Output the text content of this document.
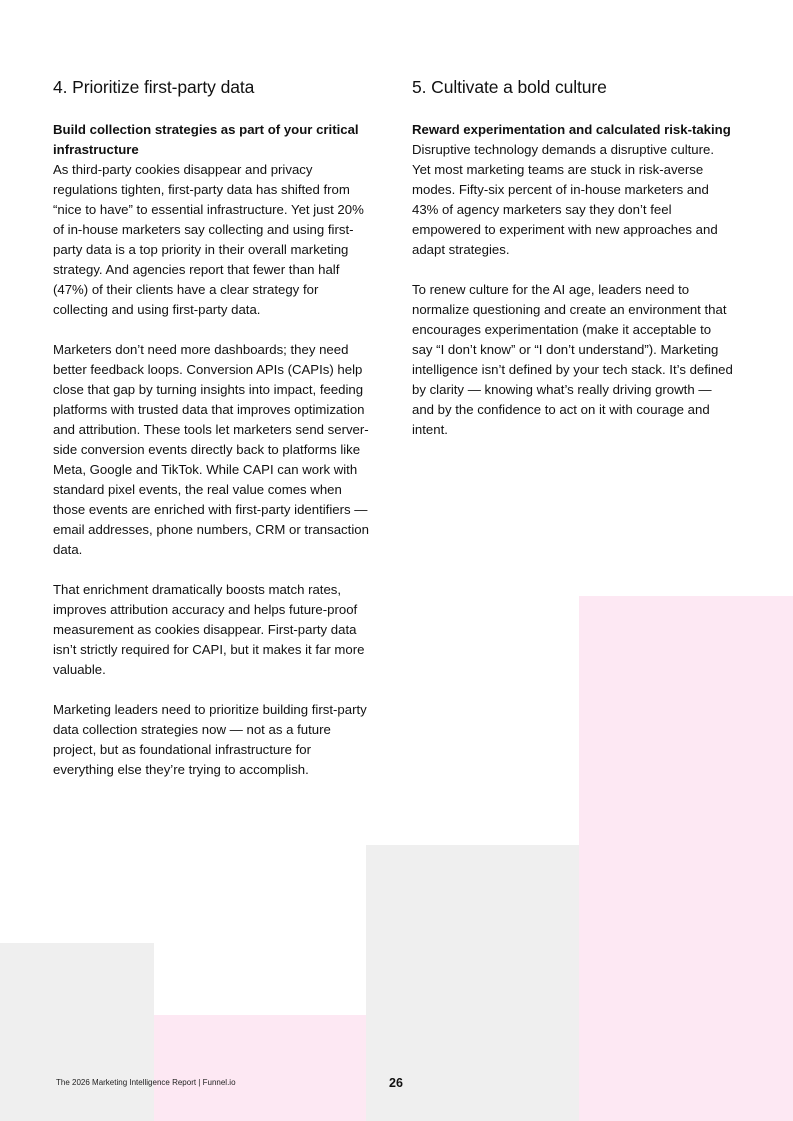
4. Prioritize first-party data

Build collection strategies as part of your critical infrastructure
As third-party cookies disappear and privacy regulations tighten, first-party data has shifted from “nice to have” to essential infrastructure. Yet just 20% of in-house marketers say collecting and using first-party data is a top priority in their overall marketing strategy. And agencies report that fewer than half (47%) of their clients have a clear strategy for collecting and using first-party data.

Marketers don’t need more dashboards; they need better feedback loops. Conversion APIs (CAPIs) help close that gap by turning insights into impact, feeding platforms with trusted data that improves optimization and attribution. These tools let marketers send server-side conversion events directly back to platforms like Meta, Google and TikTok. While CAPI can work with standard pixel events, the real value comes when those events are enriched with first-party identifiers — email addresses, phone numbers, CRM or transaction data.

That enrichment dramatically boosts match rates, improves attribution accuracy and helps future-proof measurement as cookies disappear. First-party data isn’t strictly required for CAPI, but it makes it far more valuable.

Marketing leaders need to prioritize building first-party data collection strategies now — not as a future project, but as foundational infrastructure for everything else they’re trying to accomplish.

5. Cultivate a bold culture

Reward experimentation and calculated risk-taking
Disruptive technology demands a disruptive culture. Yet most marketing teams are stuck in risk-averse modes. Fifty-six percent of in-house marketers and 43% of agency marketers say they don’t feel empowered to experiment with new approaches and adapt strategies.

To renew culture for the AI age, leaders need to normalize questioning and create an environment that encourages experimentation (make it acceptable to say “I don’t know” or “I don’t understand”). Marketing intelligence isn’t defined by your tech stack. It’s defined by clarity — knowing what’s really driving growth — and by the confidence to act on it with courage and intent.

The 2026 Marketing Intelligence Report | Funnel.io	26
